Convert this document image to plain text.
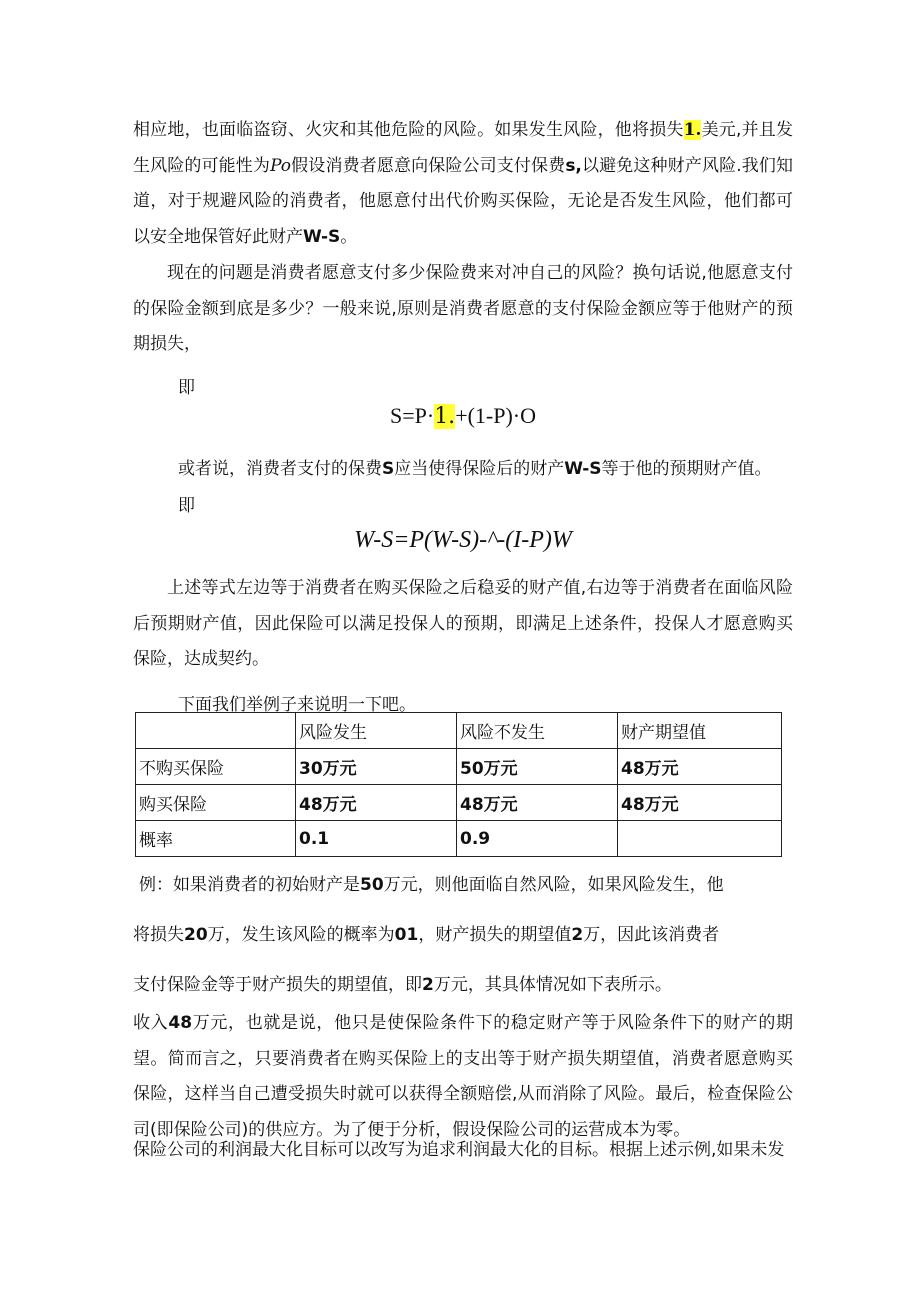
相应地，也面临盗窃、火灾和其他危险的风险。如果发生风险，他将损失1.美元,并且发生风险的可能性为Po假设消费者愿意向保险公司支付保费s,以避免这种财产风险.我们知道，对于规避风险的消费者，他愿意付出代价购买保险，无论是否发生风险，他们都可以安全地保管好此财产W-S。

现在的问题是消费者愿意支付多少保险费来对冲自己的风险？换句话说,他愿意支付的保险金额到底是多少？一般来说,原则是消费者愿意的支付保险金额应等于他财产的预期损失，

即
S=P·1.+(1-P)·O
或者说，消费者支付的保费S应当使得保险后的财产W-S等于他的预期财产值。
即
W-S=P(W-S)-^-(I-P)W

上述等式左边等于消费者在购买保险之后稳妥的财产值,右边等于消费者在面临风险后预期财产值，因此保险可以满足投保人的预期，即满足上述条件，投保人才愿意购买保险，达成契约。

下面我们举例子来说明一下吧。
	风险发生	风险不发生	财产期望值
不购买保险	30万元	50万元	48万元
购买保险	48万元	48万元	48万元
概率	0.1	0.9	
例：如果消费者的初始财产是50万元，则他面临自然风险，如果风险发生，他
将损失20万，发生该风险的概率为01，财产损失的期望值2万，因此该消费者
支付保险金等于财产损失的期望值，即2万元，其具体情况如下表所示。

收入48万元，也就是说，他只是使保险条件下的稳定财产等于风险条件下的财产的期望。简而言之，只要消费者在购买保险上的支出等于财产损失期望值，消费者愿意购买保险，这样当自己遭受损失时就可以获得全额赔偿,从而消除了风险。最后，检查保险公司(即保险公司)的供应方。为了便于分析，假设保险公司的运营成本为零。

保险公司的利润最大化目标可以改写为追求利润最大化的目标。根据上述示例,如果未发
